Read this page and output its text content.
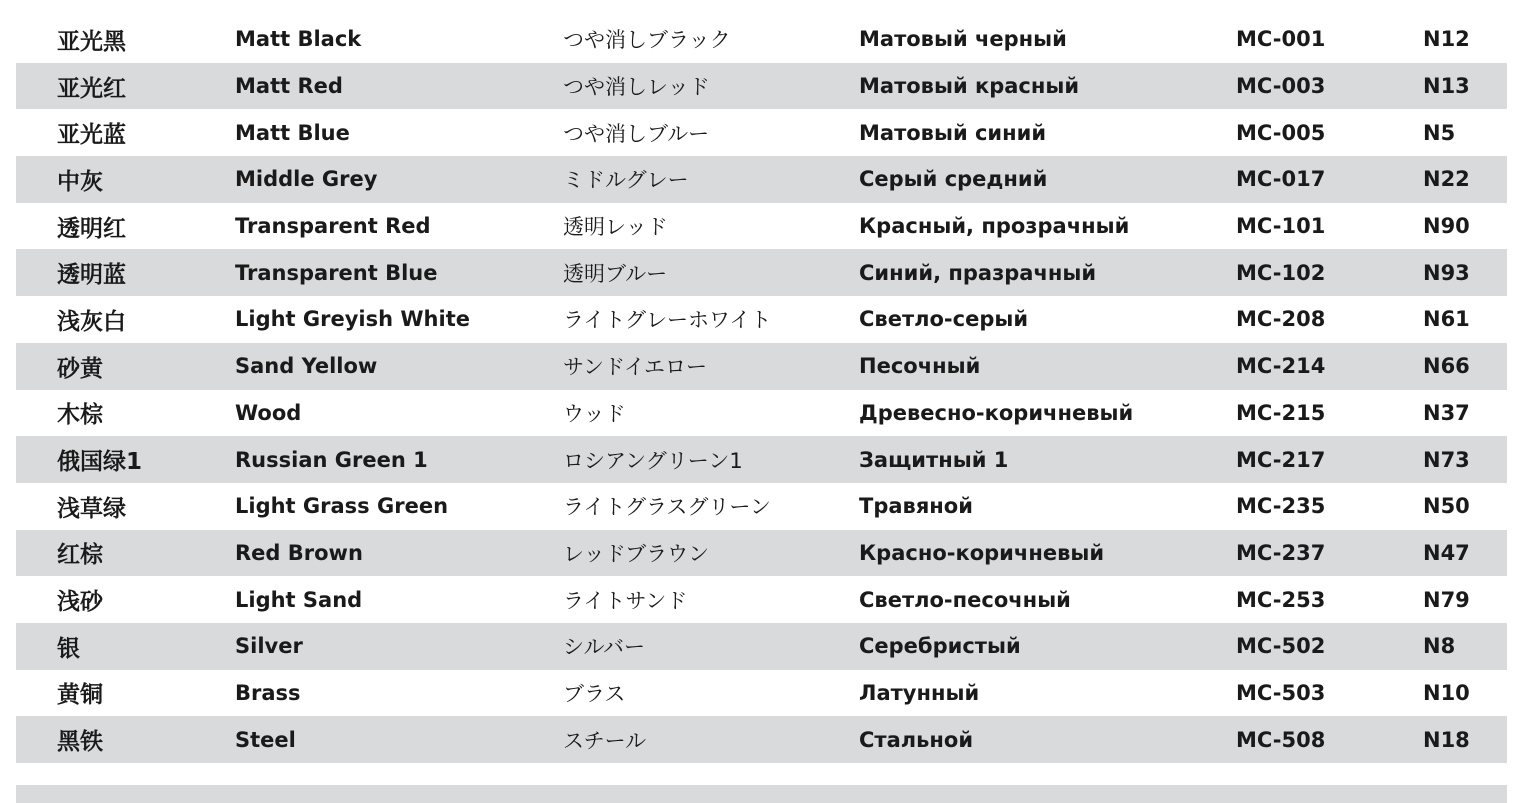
亚光黑	Matt Black	つや消しブラック	Матовый черный	MC-001	N12
亚光红	Matt Red	つや消しレッド	Матовый красный	MC-003	N13
亚光蓝	Matt Blue	つや消しブルー	Матовый синий	MC-005	N5
中灰	Middle Grey	ミドルグレー	Серый средний	MC-017	N22
透明红	Transparent Red	透明レッド	Красный, прозрачный	MC-101	N90
透明蓝	Transparent Blue	透明ブルー	Синий, празрачный	MC-102	N93
浅灰白	Light Greyish White	ライトグレーホワイト	Светло-серый	MC-208	N61
砂黄	Sand Yellow	サンドイエロー	Песочный	MC-214	N66
木棕	Wood	ウッド	Древесно-коричневый	MC-215	N37
俄国绿1	Russian Green 1	ロシアングリーン1	Защитный 1	MC-217	N73
浅草绿	Light Grass Green	ライトグラスグリーン	Травяной	MC-235	N50
红棕	Red Brown	レッドブラウン	Красно-коричневый	MC-237	N47
浅砂	Light Sand	ライトサンド	Светло-песочный	MC-253	N79
银	Silver	シルバー	Серебристый	MC-502	N8
黄铜	Brass	ブラス	Латунный	MC-503	N10
黑铁	Steel	スチール	Стальной	MC-508	N18
